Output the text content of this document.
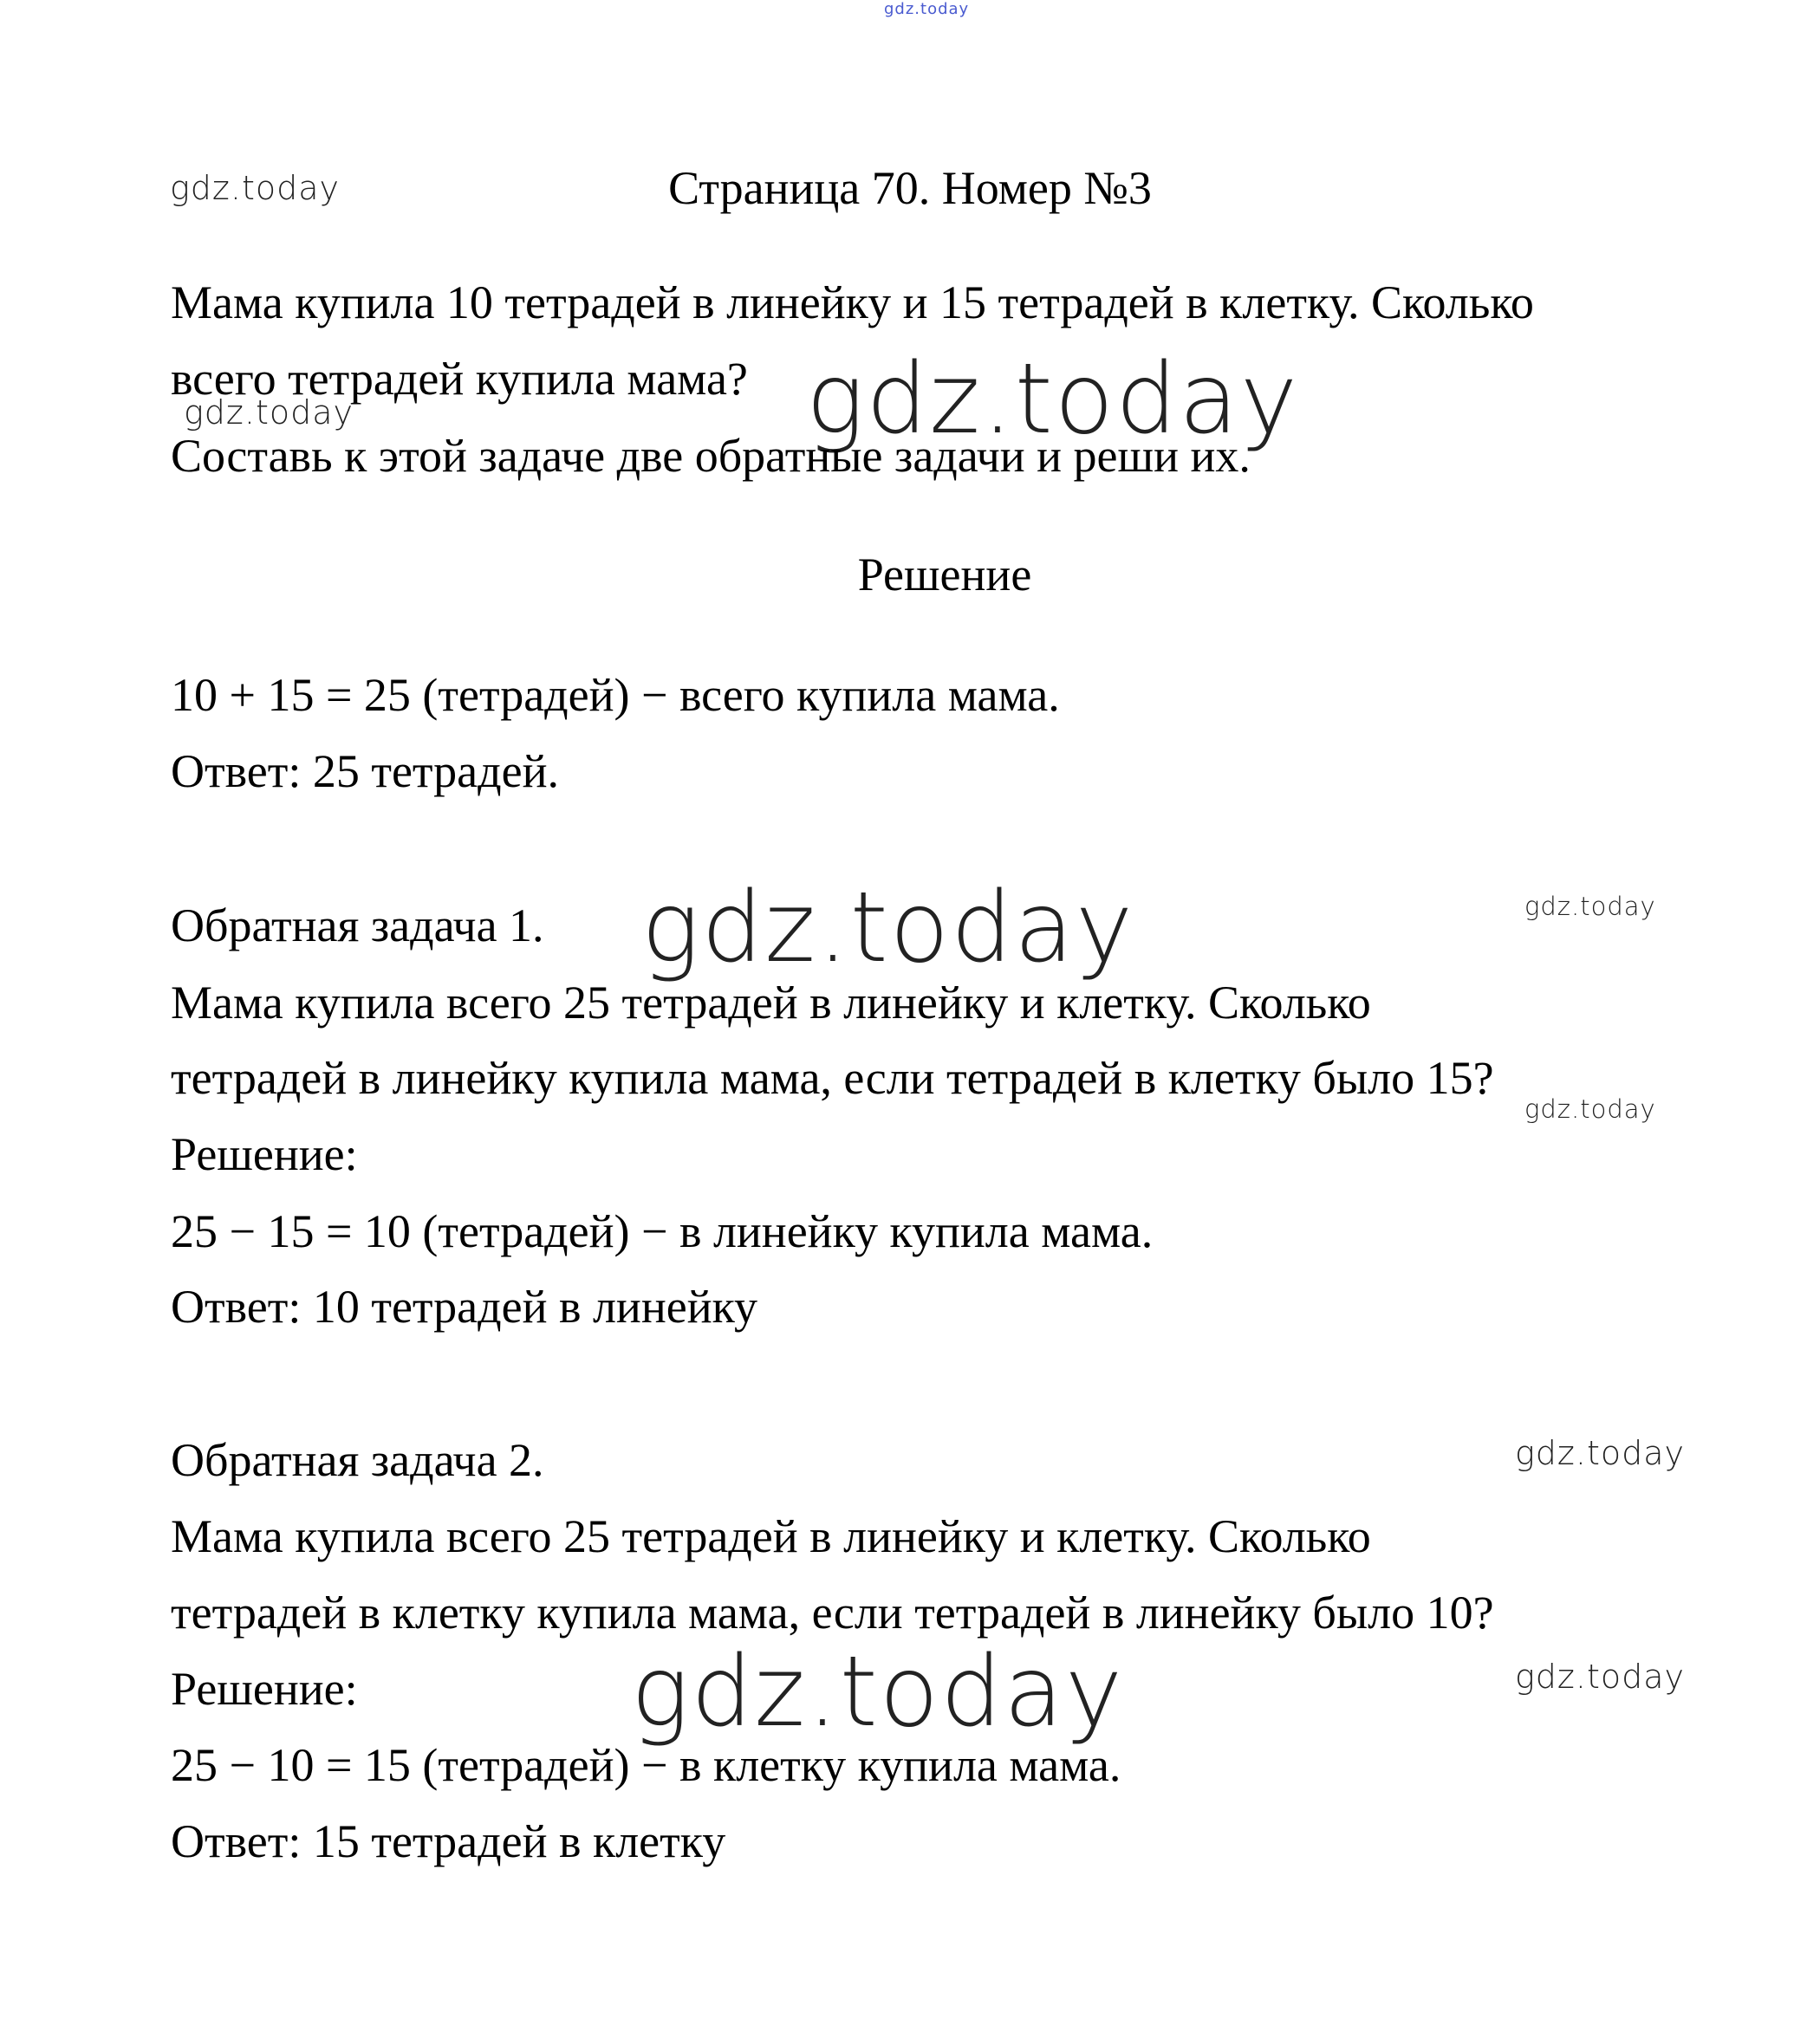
gdz.today
gdz.today	Страница 70. Номер №3
Мама купила 10 тетрадей в линейку и 15 тетрадей в клетку. Сколько
всего тетрадей купила мама? gdz.today
gdz.today
Составь к этой задаче две обратные задачи и реши их.
Решение
10 + 15 = 25 (тетрадей) − всего купила мама.
Ответ: 25 тетрадей.
Обратная задача 1. gdz.today	gdz.today
Мама купила всего 25 тетрадей в линейку и клетку. Сколько
тетрадей в линейку купила мама, если тетрадей в клетку было 15?
gdz.today
Решение:
25 − 15 = 10 (тетрадей) − в линейку купила мама.
Ответ: 10 тетрадей в линейку
Обратная задача 2.	gdz.today
Мама купила всего 25 тетрадей в линейку и клетку. Сколько
тетрадей в клетку купила мама, если тетрадей в линейку было 10?
gdz.today
Решение:	gdz.today
25 − 10 = 15 (тетрадей) − в клетку купила мама.
Ответ: 15 тетрадей в клетку
